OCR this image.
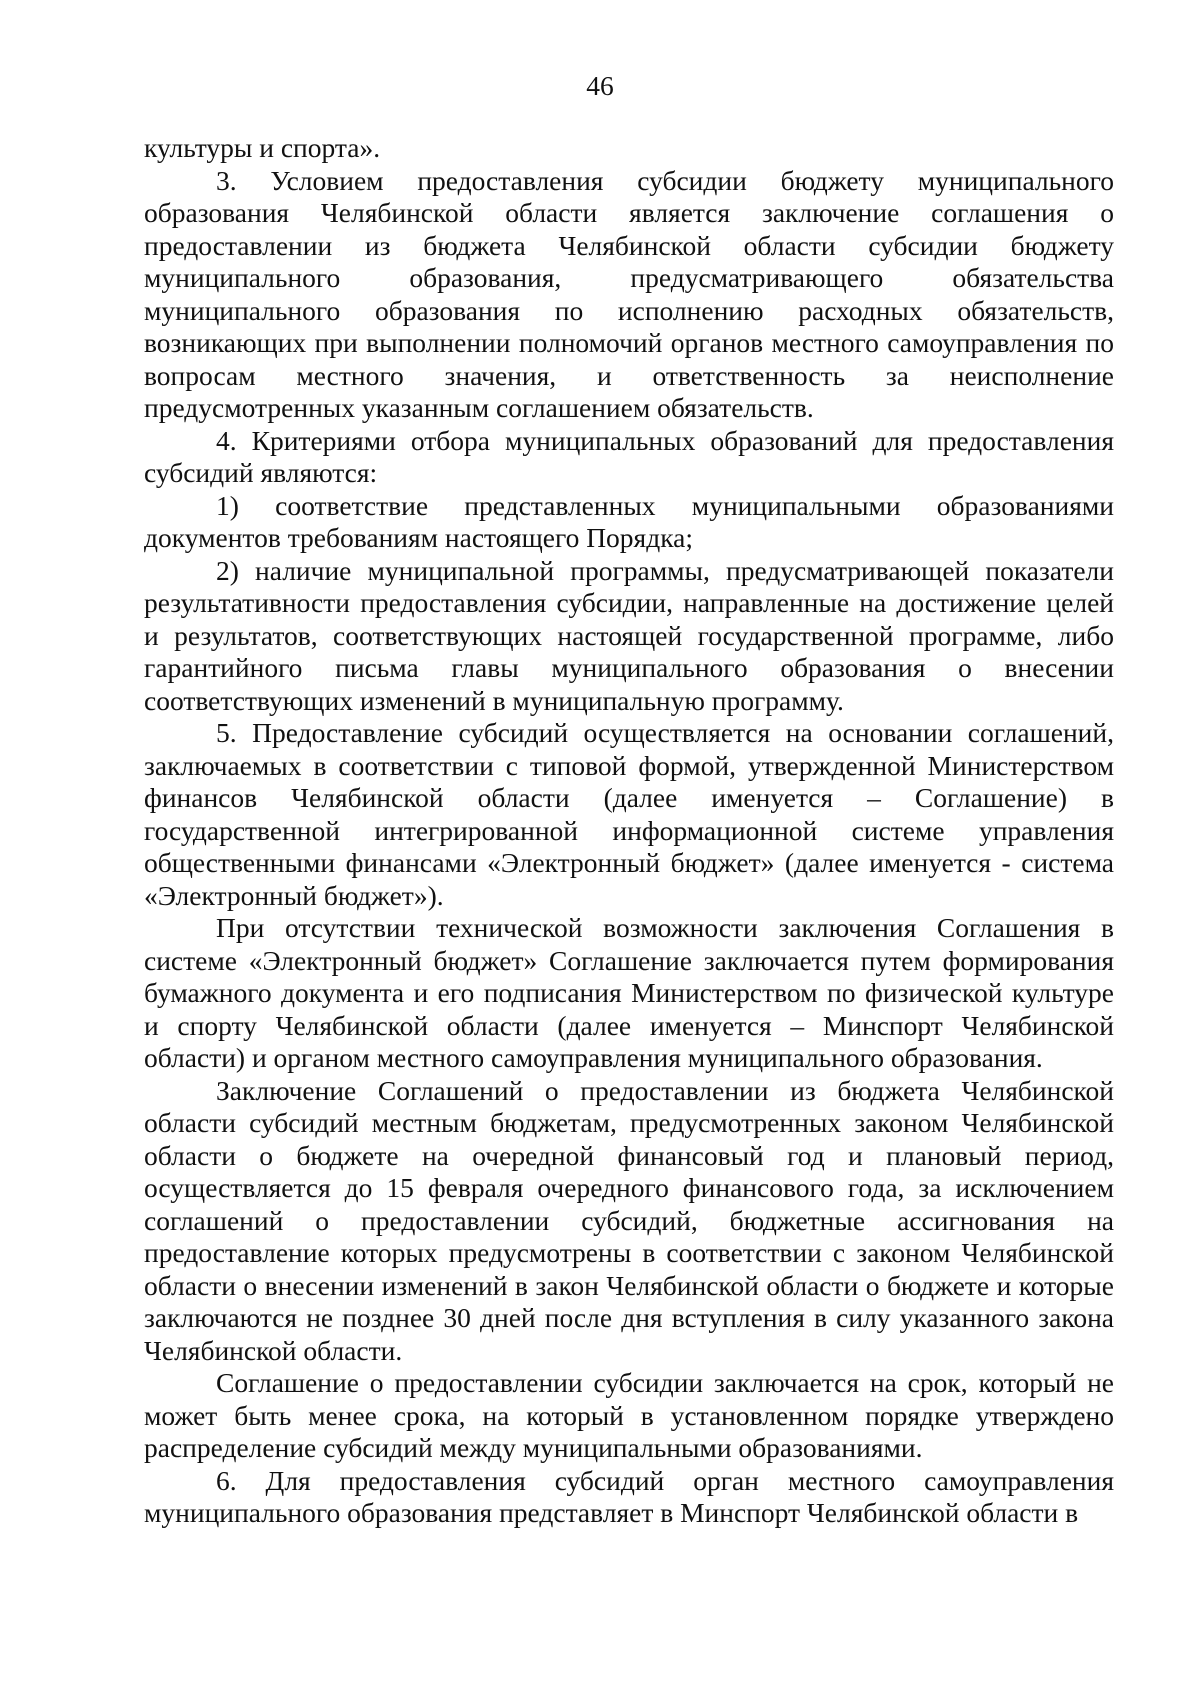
46

культуры и спорта».

3. Условием предоставления субсидии бюджету муниципального образования Челябинской области является заключение соглашения о предоставлении из бюджета Челябинской области субсидии бюджету муниципального образования, предусматривающего обязательства муниципального образования по исполнению расходных обязательств, возникающих при выполнении полномочий органов местного самоуправления по вопросам местного значения, и ответственность за неисполнение предусмотренных указанным соглашением обязательств.

4. Критериями отбора муниципальных образований для предоставления субсидий являются:

1) соответствие представленных муниципальными образованиями документов требованиям настоящего Порядка;

2) наличие муниципальной программы, предусматривающей показатели результативности предоставления субсидии, направленные на достижение целей и результатов, соответствующих настоящей государственной программе, либо гарантийного письма главы муниципального образования о внесении соответствующих изменений в муниципальную программу.

5. Предоставление субсидий осуществляется на основании соглашений, заключаемых в соответствии с типовой формой, утвержденной Министерством финансов Челябинской области (далее именуется – Соглашение) в государственной интегрированной информационной системе управления общественными финансами «Электронный бюджет» (далее именуется - система «Электронный бюджет»).

При отсутствии технической возможности заключения Соглашения в системе «Электронный бюджет» Соглашение заключается путем формирования бумажного документа и его подписания Министерством по физической культуре и спорту Челябинской области (далее именуется – Минспорт Челябинской области) и органом местного самоуправления муниципального образования.

Заключение Соглашений о предоставлении из бюджета Челябинской области субсидий местным бюджетам, предусмотренных законом Челябинской области о бюджете на очередной финансовый год и плановый период, осуществляется до 15 февраля очередного финансового года, за исключением соглашений о предоставлении субсидий, бюджетные ассигнования на предоставление которых предусмотрены в соответствии с законом Челябинской области о внесении изменений в закон Челябинской области о бюджете и которые заключаются не позднее 30 дней после дня вступления в силу указанного закона Челябинской области.

Соглашение о предоставлении субсидии заключается на срок, который не может быть менее срока, на который в установленном порядке утверждено распределение субсидий между муниципальными образованиями.

6. Для предоставления субсидий орган местного самоуправления муниципального образования представляет в Минспорт Челябинской области в
